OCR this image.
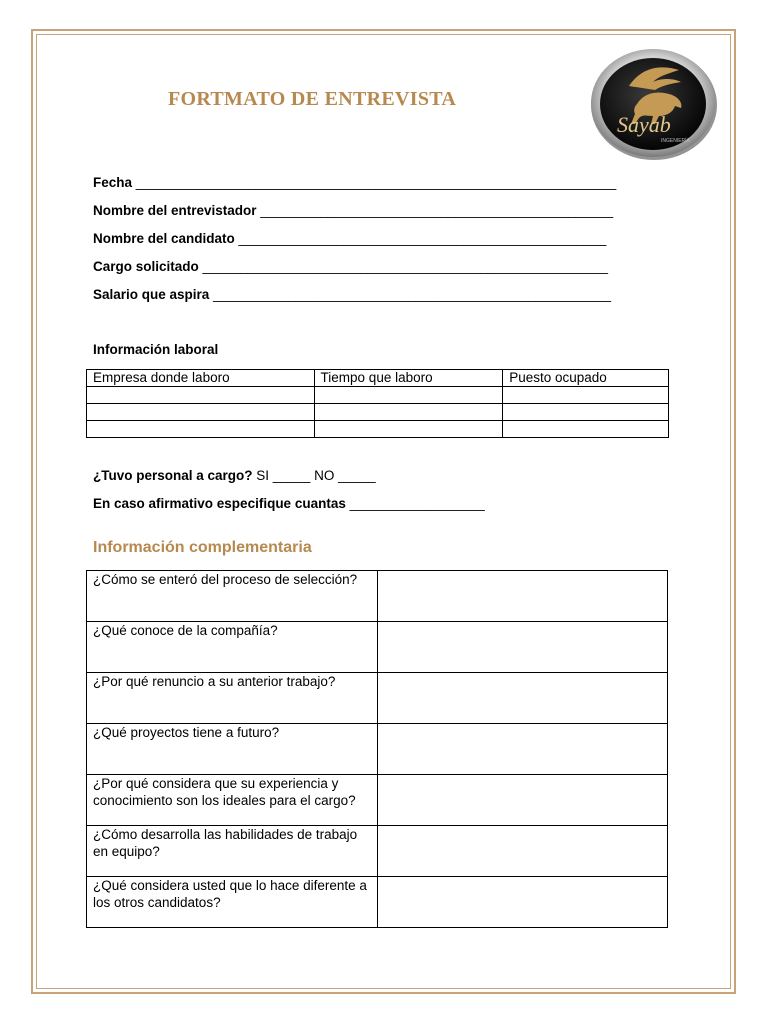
FORTMATO DE ENTREVISTA
Sayab
INGENIERÍA
Fecha ________________________________________________________________
Nombre del entrevistador _______________________________________________
Nombre del candidato _________________________________________________
Cargo solicitado ______________________________________________________
Salario que aspira _____________________________________________________
Información laboral
Empresa donde laboro	Tiempo que laboro	Puesto ocupado

¿Tuvo personal a cargo? SI _____ NO _____
En caso afirmativo especifique cuantas __________________
Información complementaria
¿Cómo se enteró del proceso de selección?	
¿Qué conoce de la compañía?	
¿Por qué renuncio a su anterior trabajo?	
¿Qué proyectos tiene a futuro?	
¿Por qué considera que su experiencia y conocimiento son los ideales para el cargo?	
¿Cómo desarrolla las habilidades de trabajo en equipo?	
¿Qué considera usted que lo hace diferente a los otros candidatos?	
